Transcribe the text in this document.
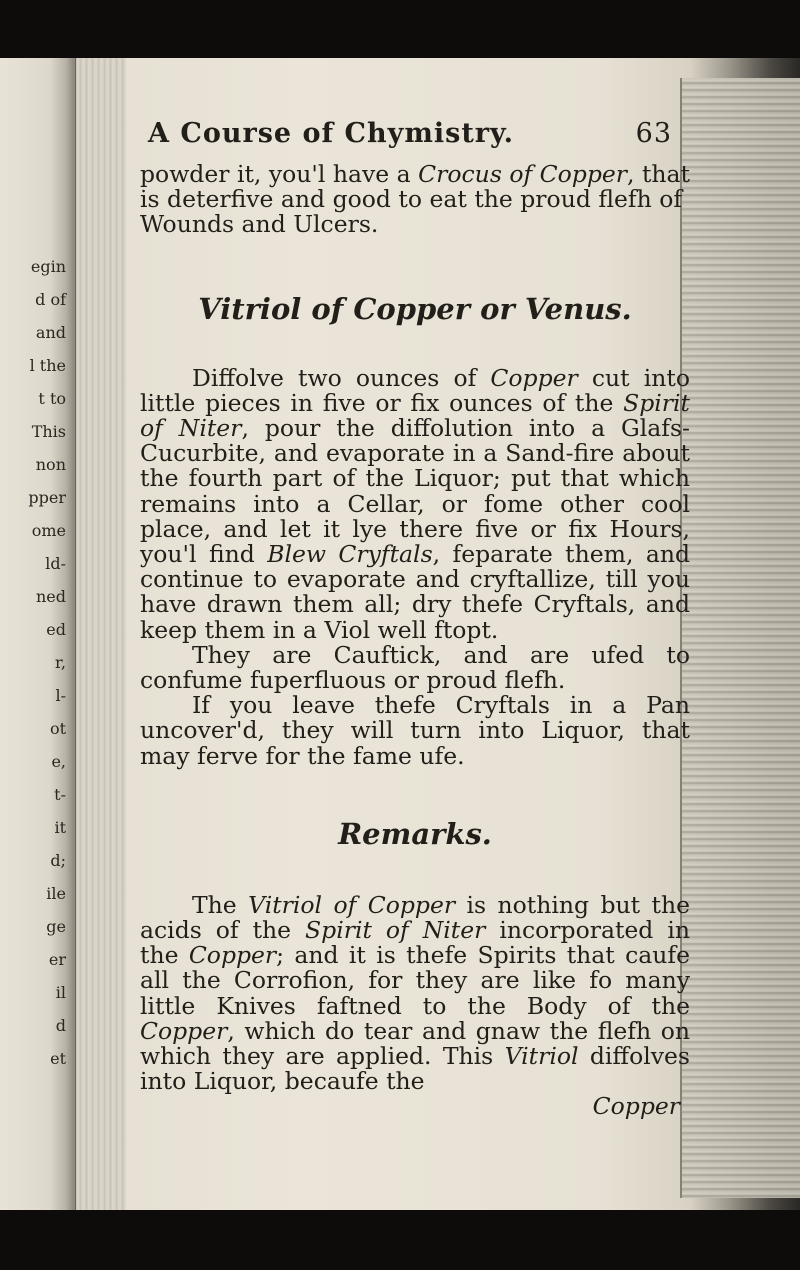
egin
d of
and
l the
t to
This
non
pper
ome
ld-
ned
ed
r,
l-
ot
e,
t-
it
d;
ile
ge
er
il
d
et
A Course of Chymistry.	63

powder it, you'l have a Crocus of Copper, that

is deterfive and good to eat the proud flefh of

Wounds and Ulcers.

Vitriol of Copper or Venus.

Diffolve two ounces of Copper cut into little pieces in five or fix ounces of the Spirit of Niter, pour the diffolution into a Glafs-Cucurbite, and evaporate in a Sand-fire about the fourth part of the Liquor; put that which remains into a Cellar, or fome other cool place, and let it lye there five or fix Hours, you'l find Blew Cryftals, feparate them, and continue to evaporate and cryftallize, till you have drawn them all; dry thefe Cryftals, and keep them in a Viol well ftopt.

They are Cauftick, and are ufed to confume fuperfluous or proud flefh.

If you leave thefe Cryftals in a Pan uncover'd, they will turn into Liquor, that may ferve for the fame ufe.

Remarks.

The Vitriol of Copper is nothing but the acids of the Spirit of Niter incorporated in the Copper; and it is thefe Spirits that caufe all the Corrofion, for they are like fo many little Knives faftned to the Body of the Copper, which do tear and gnaw the flefh on which they are applied. This Vitriol diffolves into Liquor, becaufe the

Copper
